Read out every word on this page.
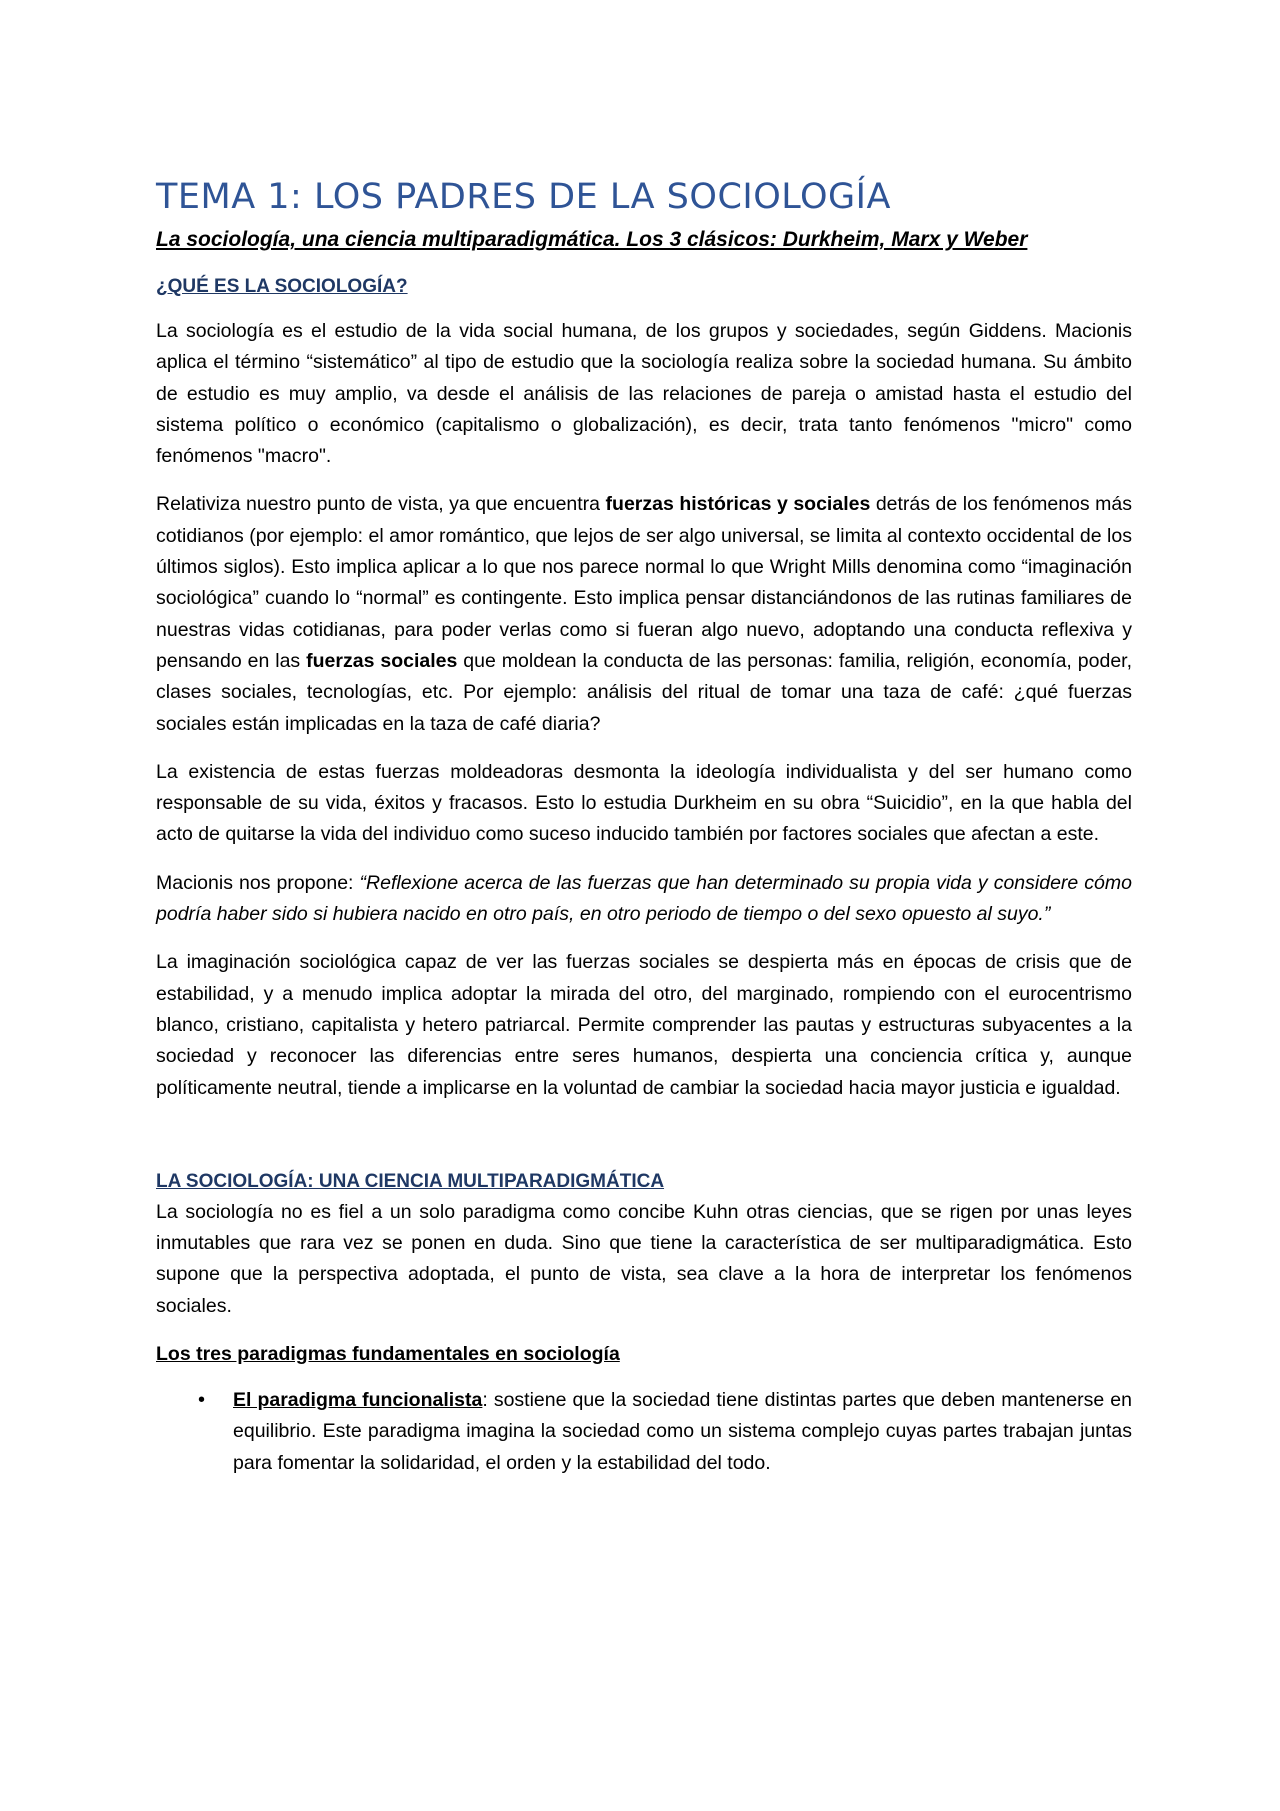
TEMA 1: LOS PADRES DE LA SOCIOLOGÍA

La sociología, una ciencia multiparadigmática. Los 3 clásicos: Durkheim, Marx y Weber

¿QUÉ ES LA SOCIOLOGÍA?

La sociología es el estudio de la vida social humana, de los grupos y sociedades, según Giddens. Macionis aplica el término “sistemático” al tipo de estudio que la sociología realiza sobre la sociedad humana. Su ámbito de estudio es muy amplio, va desde el análisis de las relaciones de pareja o amistad hasta el estudio del sistema político o económico (capitalismo o globalización), es decir, trata tanto fenómenos "micro" como fenómenos "macro".

Relativiza nuestro punto de vista, ya que encuentra fuerzas históricas y sociales detrás de los fenómenos más cotidianos (por ejemplo: el amor romántico, que lejos de ser algo universal, se limita al contexto occidental de los últimos siglos). Esto implica aplicar a lo que nos parece normal lo que Wright Mills denomina como “imaginación sociológica” cuando lo “normal” es contingente. Esto implica pensar distanciándonos de las rutinas familiares de nuestras vidas cotidianas, para poder verlas como si fueran algo nuevo, adoptando una conducta reflexiva y pensando en las fuerzas sociales que moldean la conducta de las personas: familia, religión, economía, poder, clases sociales, tecnologías, etc. Por ejemplo: análisis del ritual de tomar una taza de café: ¿qué fuerzas sociales están implicadas en la taza de café diaria?

La existencia de estas fuerzas moldeadoras desmonta la ideología individualista y del ser humano como responsable de su vida, éxitos y fracasos. Esto lo estudia Durkheim en su obra “Suicidio”, en la que habla del acto de quitarse la vida del individuo como suceso inducido también por factores sociales que afectan a este.

Macionis nos propone: “Reflexione acerca de las fuerzas que han determinado su propia vida y considere cómo podría haber sido si hubiera nacido en otro país, en otro periodo de tiempo o del sexo opuesto al suyo.”

La imaginación sociológica capaz de ver las fuerzas sociales se despierta más en épocas de crisis que de estabilidad, y a menudo implica adoptar la mirada del otro, del marginado, rompiendo con el eurocentrismo blanco, cristiano, capitalista y hetero patriarcal. Permite comprender las pautas y estructuras subyacentes a la sociedad y reconocer las diferencias entre seres humanos, despierta una conciencia crítica y, aunque políticamente neutral, tiende a implicarse en la voluntad de cambiar la sociedad hacia mayor justicia e igualdad.

LA SOCIOLOGÍA: UNA CIENCIA MULTIPARADIGMÁTICA

La sociología no es fiel a un solo paradigma como concibe Kuhn otras ciencias, que se rigen por unas leyes inmutables que rara vez se ponen en duda. Sino que tiene la característica de ser multiparadigmática. Esto supone que la perspectiva adoptada, el punto de vista, sea clave a la hora de interpretar los fenómenos sociales.

Los tres paradigmas fundamentales en sociología
• El paradigma funcionalista: sostiene que la sociedad tiene distintas partes que deben mantenerse en equilibrio. Este paradigma imagina la sociedad como un sistema complejo cuyas partes trabajan juntas para fomentar la solidaridad, el orden y la estabilidad del todo.
